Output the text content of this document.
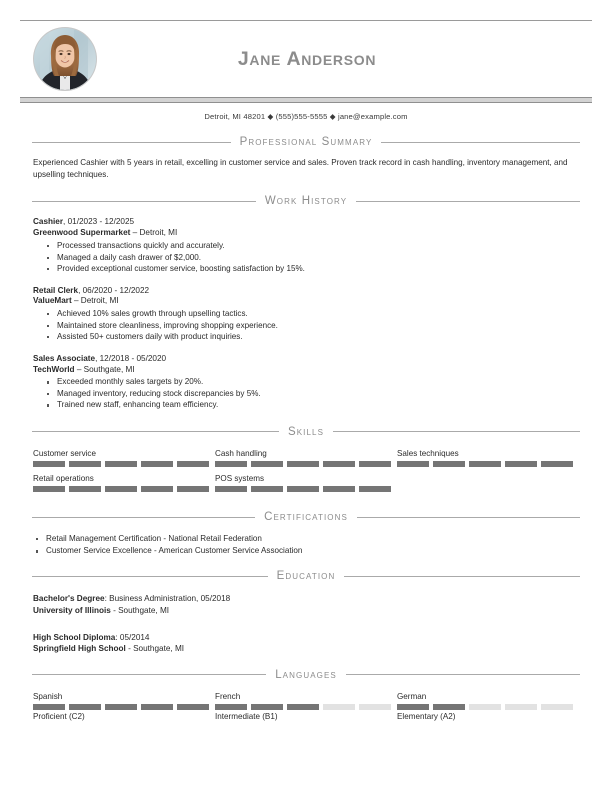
Jane Anderson
Detroit, MI 48201 ◆ (555)555-5555 ◆ jane@example.com
Professional Summary
Experienced Cashier with 5 years in retail, excelling in customer service and sales. Proven track record in cash handling, inventory management, and upselling techniques.
Work History
Cashier, 01/2023 - 12/2025
Greenwood Supermarket – Detroit, MI
Processed transactions quickly and accurately.
Managed a daily cash drawer of $2,000.
Provided exceptional customer service, boosting satisfaction by 15%.
Retail Clerk, 06/2020 - 12/2022
ValueMart – Detroit, MI
Achieved 10% sales growth through upselling tactics.
Maintained store cleanliness, improving shopping experience.
Assisted 50+ customers daily with product inquiries.
Sales Associate, 12/2018 - 05/2020
TechWorld – Southgate, MI
Exceeded monthly sales targets by 20%.
Managed inventory, reducing stock discrepancies by 5%.
Trained new staff, enhancing team efficiency.
Skills
Customer service	Cash handling	Sales techniques
Retail operations	POS systems
Certifications
Retail Management Certification - National Retail Federation
Customer Service Excellence - American Customer Service Association
Education
Bachelor's Degree: Business Administration, 05/2018
University of Illinois - Southgate, MI
High School Diploma: 05/2014
Springfield High School - Southgate, MI
Languages
Spanish
Proficient (C2)
French
Intermediate (B1)
German
Elementary (A2)
